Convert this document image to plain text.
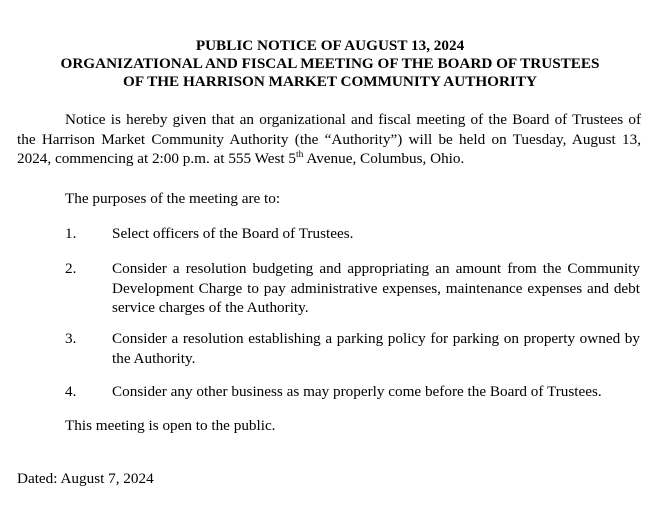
PUBLIC NOTICE OF AUGUST 13, 2024

ORGANIZATIONAL AND FISCAL MEETING OF THE BOARD OF TRUSTEES

OF THE HARRISON MARKET COMMUNITY AUTHORITY

Notice is hereby given that an organizational and fiscal meeting of the Board of Trustees of the Harrison Market Community Authority (the “Authority”) will be held on Tuesday, August 13, 2024, commencing at 2:00 p.m. at 555 West 5th Avenue, Columbus, Ohio.

The purposes of the meeting are to:

1. Select officers of the Board of Trustees.
2. Consider a resolution budgeting and appropriating an amount from the Community Development Charge to pay administrative expenses, maintenance expenses and debt service charges of the Authority.
3. Consider a resolution establishing a parking policy for parking on property owned by the Authority.
4. Consider any other business as may properly come before the Board of Trustees.

This meeting is open to the public.

Dated: August 7, 2024
